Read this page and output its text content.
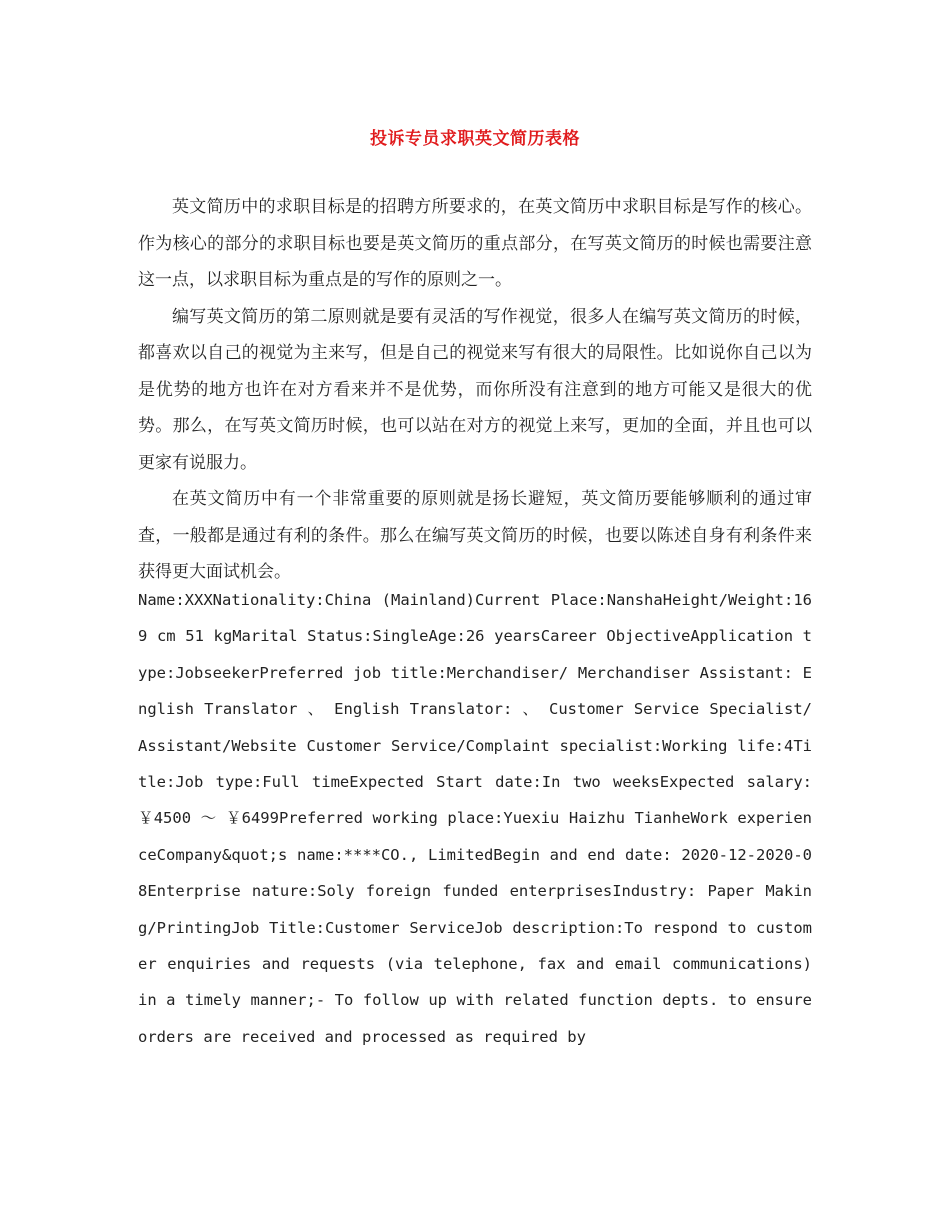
投诉专员求职英文简历表格

英文简历中的求职目标是的招聘方所要求的，在英文简历中求职目标是写作的核心。作为核心的部分的求职目标也要是英文简历的重点部分，在写英文简历的时候也需要注意这一点，以求职目标为重点是的写作的原则之一。

编写英文简历的第二原则就是要有灵活的写作视觉，很多人在编写英文简历的时候，都喜欢以自己的视觉为主来写，但是自己的视觉来写有很大的局限性。比如说你自己以为是优势的地方也许在对方看来并不是优势，而你所没有注意到的地方可能又是很大的优势。那么，在写英文简历时候，也可以站在对方的视觉上来写，更加的全面，并且也可以更家有说服力。

在英文简历中有一个非常重要的原则就是扬长避短，英文简历要能够顺利的通过审查，一般都是通过有利的条件。那么在编写英文简历的时候，也要以陈述自身有利条件来获得更大面试机会。

Name:XXXNationality:China (Mainland)Current Place:NanshaHeight/Weight:169 cm 51 kgMarital Status:SingleAge:26 yearsCareer ObjectiveApplication type:JobseekerPreferred job title:Merchandiser/ Merchandiser Assistant: English Translator 、 English Translator: 、 Customer Service Specialist/Assistant/Website Customer Service/Complaint specialist:Working life:4Title:Job type:Full timeExpected Start date:In two weeksExpected salary: ￥4500 ～ ￥6499Preferred working place:Yuexiu Haizhu TianheWork experienceCompany&quot;s name:****CO., LimitedBegin and end date: 2020-12-2020-08Enterprise nature:Soly foreign funded enterprisesIndustry: Paper Making/PrintingJob Title:Customer ServiceJob description:To respond to customer enquiries and requests (via telephone, fax and email communications) in a timely manner;- To follow up with related function depts. to ensure orders are received and processed as required by
